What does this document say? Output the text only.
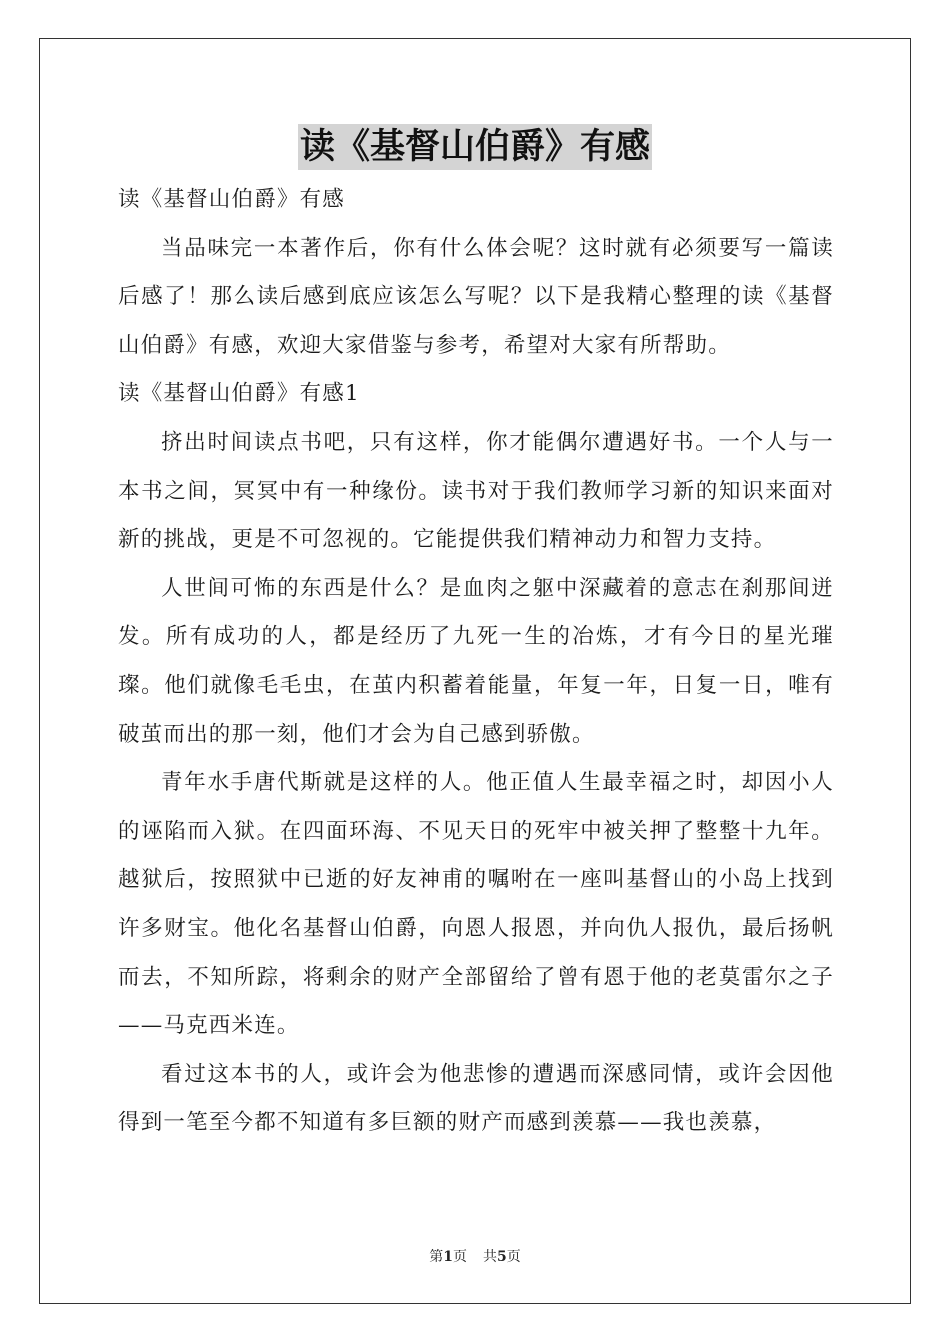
读《基督山伯爵》有感

读《基督山伯爵》有感

当品味完一本著作后，你有什么体会呢？这时就有必须要写一篇读后感了！那么读后感到底应该怎么写呢？以下是我精心整理的读《基督山伯爵》有感，欢迎大家借鉴与参考，希望对大家有所帮助。

读《基督山伯爵》有感1

挤出时间读点书吧，只有这样，你才能偶尔遭遇好书。一个人与一本书之间，冥冥中有一种缘份。读书对于我们教师学习新的知识来面对新的挑战，更是不可忽视的。它能提供我们精神动力和智力支持。

人世间可怖的东西是什么？是血肉之躯中深藏着的意志在刹那间迸发。所有成功的人，都是经历了九死一生的冶炼，才有今日的星光璀璨。他们就像毛毛虫，在茧内积蓄着能量，年复一年，日复一日，唯有破茧而出的那一刻，他们才会为自己感到骄傲。

青年水手唐代斯就是这样的人。他正值人生最幸福之时，却因小人的诬陷而入狱。在四面环海、不见天日的死牢中被关押了整整十九年。越狱后，按照狱中已逝的好友神甫的嘱咐在一座叫基督山的小岛上找到许多财宝。他化名基督山伯爵，向恩人报恩，并向仇人报仇，最后扬帆而去，不知所踪，将剩余的财产全部留给了曾有恩于他的老莫雷尔之子——马克西米连。

看过这本书的人，或许会为他悲惨的遭遇而深感同情，或许会因他得到一笔至今都不知道有多巨额的财产而感到羡慕——我也羡慕，

第1页 共5页
